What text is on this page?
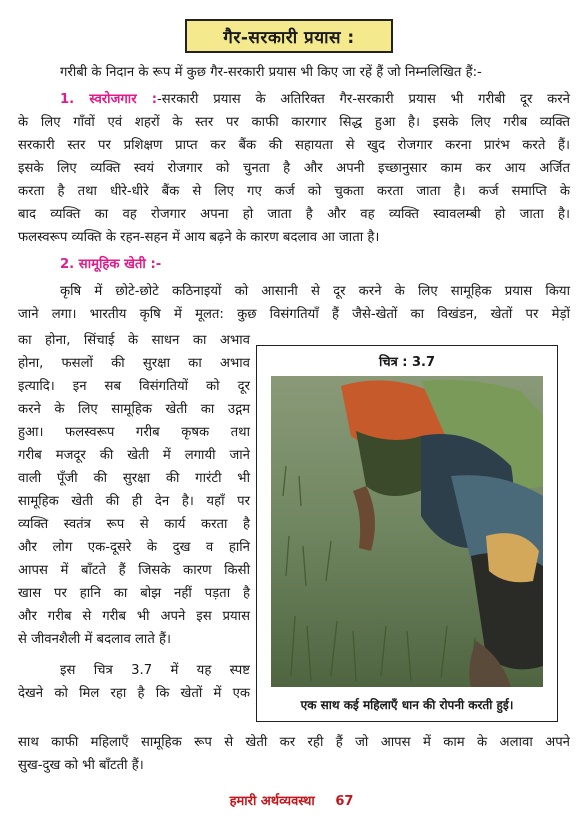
गैर-सरकारी प्रयास :
गरीबी के निदान के रूप में कुछ गैर-सरकारी प्रयास भी किए जा रहें हैं जो निम्नलिखित हैं:-
1. स्वरोजगार :-सरकारी प्रयास के अतिरिक्त गैर-सरकारी प्रयास भी गरीबी दूर करने
के लिए गाँवों एवं शहरों के स्तर पर काफी कारगार सिद्ध हुआ है। इसके लिए गरीब व्यक्ति
सरकारी स्तर पर प्रशिक्षण प्राप्त कर बैंक की सहायता से खुद रोजगार करना प्रारंभ करते हैं।
इसके लिए व्यक्ति स्वयं रोजगार को चुनता है और अपनी इच्छानुसार काम कर आय अर्जित
करता है तथा धीरे-धीरे बैंक से लिए गए कर्ज को चुकता करता जाता है। कर्ज समाप्ति के
बाद व्यक्ति का वह रोजगार अपना हो जाता है और वह व्यक्ति स्वावलम्बी हो जाता है।
फलस्वरूप व्यक्ति के रहन-सहन में आय बढ़ने के कारण बदलाव आ जाता है।
2. सामूहिक खेती :-
कृषि में छोटे-छोटे कठिनाइयों को आसानी से दूर करने के लिए सामूहिक प्रयास किया
जाने लगा। भारतीय कृषि में मूलत: कुछ विसंगतियाँ हैं जैसे-खेतों का विखंडन, खेतों पर मेड़ों
का होना, सिंचाई के साधन का अभाव
होना, फसलों की सुरक्षा का अभाव
इत्यादि। इन सब विसंगतियों को दूर
करने के लिए सामूहिक खेती का उद्गम
हुआ। फलस्वरूप गरीब कृषक तथा
गरीब मजदूर की खेती में लगायी जाने
वाली पूँजी की सुरक्षा की गारंटी भी
सामूहिक खेती की ही देन है। यहाँ पर
व्यक्ति स्वतंत्र रूप से कार्य करता है
और लोग एक-दूसरे के दुख व हानि
आपस में बाँटते हैं जिसके कारण किसी
खास पर हानि का बोझ नहीं पड़ता है
और गरीब से गरीब भी अपने इस प्रयास
से जीवनशैली में बदलाव लाते हैं।
इस चित्र 3.7 में यह स्पष्ट
देखने को मिल रहा है कि खेतों में एक
साथ काफी महिलाएँ सामूहिक रूप से खेती कर रही हैं जो आपस में काम के अलावा अपने
सुख-दुख को भी बाँटती हैं।
चित्र : 3.7
एक साथ कई महिलाएँ धान की रोपनी करती हुई।
हमारी अर्थव्यवस्था 67
